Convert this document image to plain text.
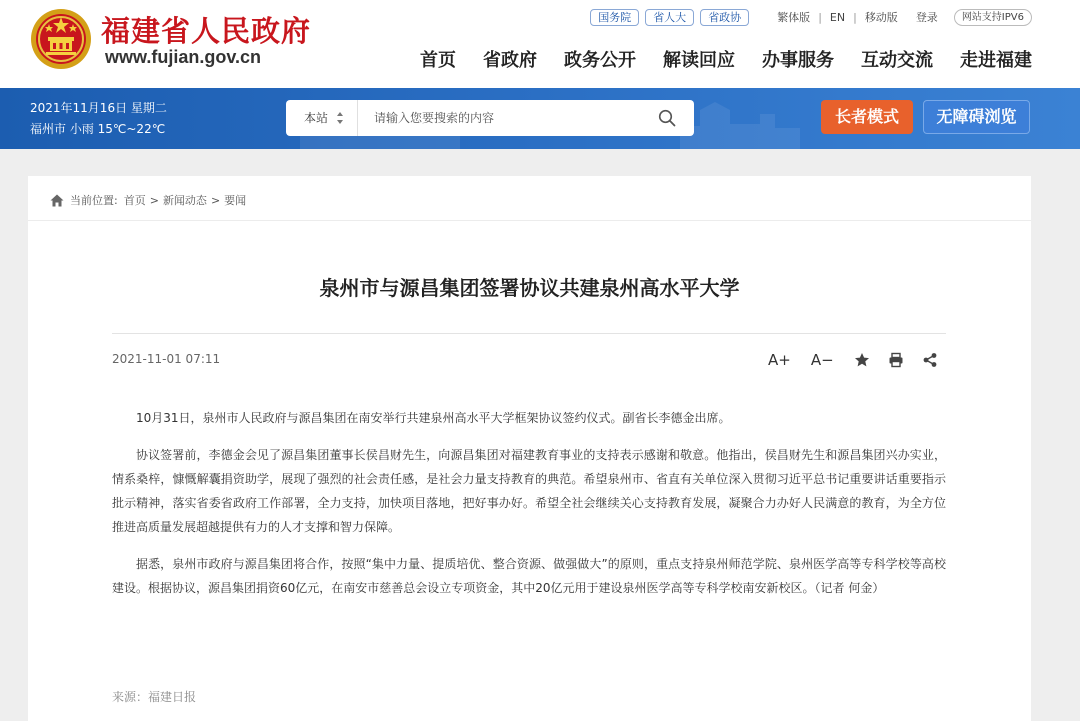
福建省人民政府
www.fujian.gov.cn
国务院	省人大	省政协	繁体版 | EN | 移动版 登录	网站支持IPV6
首页 省政府 政务公开 解读回应 办事服务 互动交流 走进福建
2021年11月16日 星期二
福州市 小雨 15℃~22℃
本站
请输入您要搜索的内容	长者模式	无障碍浏览
当前位置: 首页 > 新闻动态 > 要闻
泉州市与源昌集团签署协议共建泉州高水平大学
2021-11-01 07:11	A+ A−

10月31日，泉州市人民政府与源昌集团在南安举行共建泉州高水平大学框架协议签约仪式。副省长李德金出席。

协议签署前，李德金会见了源昌集团董事长侯昌财先生，向源昌集团对福建教育事业的支持表示感谢和敬意。他指出，侯昌财先生和源昌集团兴办实业，情系桑梓，慷慨解囊捐资助学，展现了强烈的社会责任感，是社会力量支持教育的典范。希望泉州市、省直有关单位深入贯彻习近平总书记重要讲话重要指示批示精神，落实省委省政府工作部署，全力支持，加快项目落地，把好事办好。希望全社会继续关心支持教育发展，凝聚合力办好人民满意的教育，为全方位推进高质量发展超越提供有力的人才支撑和智力保障。

据悉，泉州市政府与源昌集团将合作，按照“集中力量、提质培优、整合资源、做强做大”的原则，重点支持泉州师范学院、泉州医学高等专科学校等高校建设。根据协议，源昌集团捐资60亿元，在南安市慈善总会设立专项资金，其中20亿元用于建设泉州医学高等专科学校南安新校区。（记者 何金）

来源：福建日报
